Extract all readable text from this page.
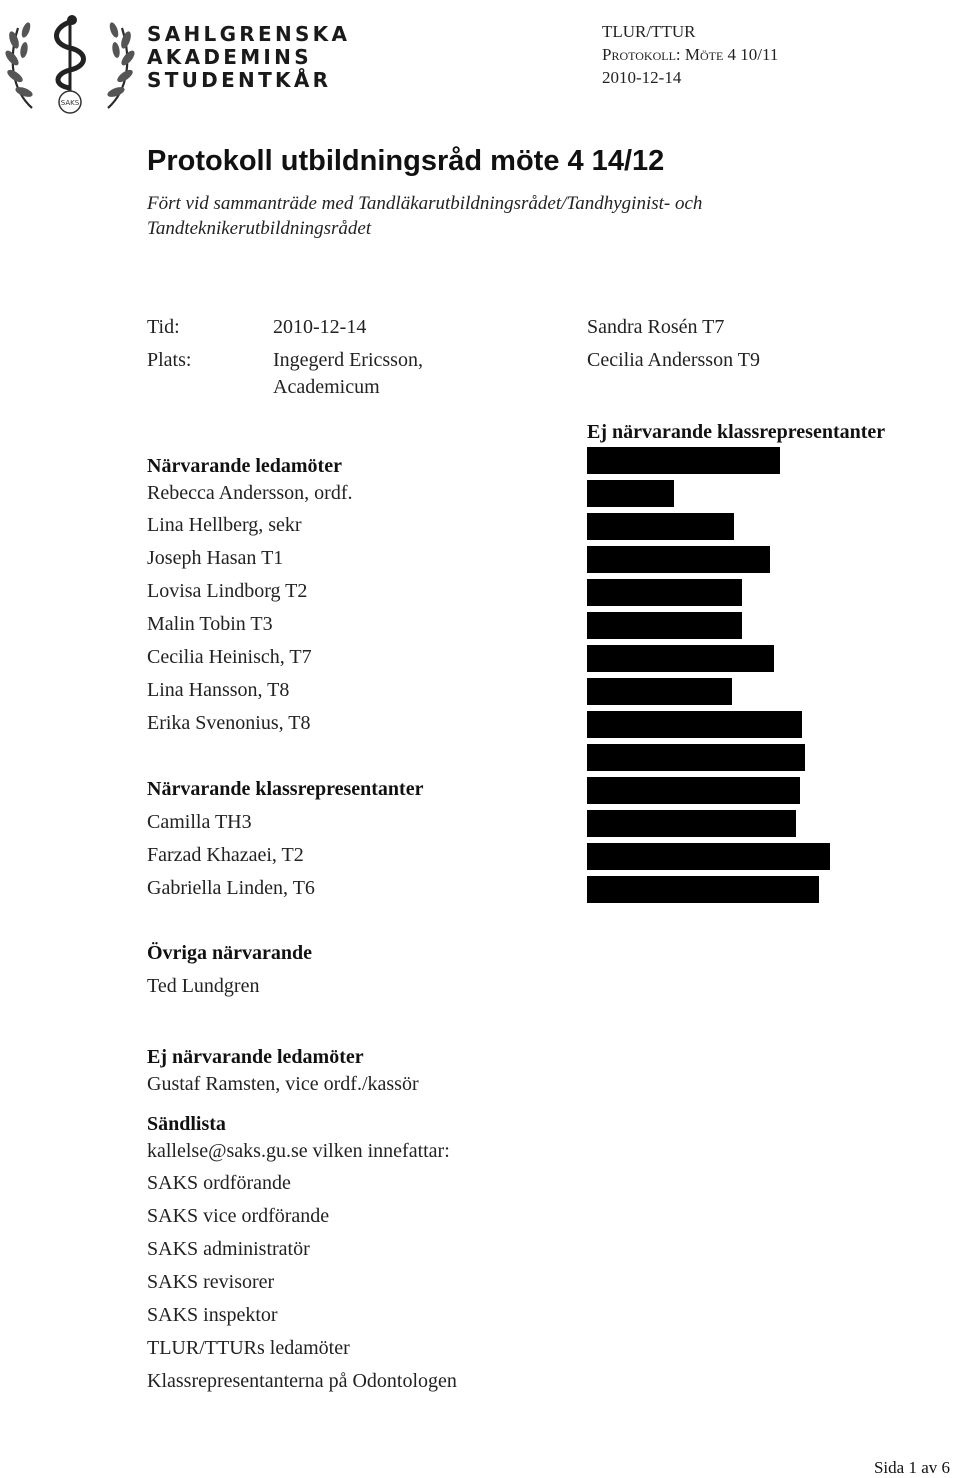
SAKS
SAHLGRENSKA
AKADEMINS
STUDENTKÅR
TLUR/TTUR
Protokoll: Möte 4 10/11
2010-12-14
Protokoll utbildningsråd möte 4 14/12
Fört vid sammanträde med Tandläkarutbildningsrådet/Tandhyginist- och Tandteknikerutbildningsrådet
Tid:	2010-12-14
Plats:	Ingegerd Ericsson,
Academicum
Sandra Rosén T7
Cecilia Andersson T9
Ej närvarande klassrepresentanter
Närvarande ledamöter
Rebecca Andersson, ordf.
Lina Hellberg, sekr
Joseph Hasan T1
Lovisa Lindborg T2
Malin Tobin T3
Cecilia Heinisch, T7
Lina Hansson, T8
Erika Svenonius, T8
Närvarande klassrepresentanter
Camilla TH3
Farzad Khazaei, T2
Gabriella Linden, T6
Övriga närvarande
Ted Lundgren
Ej närvarande ledamöter
Gustaf Ramsten, vice ordf./kassör
Sändlista
kallelse@saks.gu.se vilken innefattar:
SAKS ordförande
SAKS vice ordförande
SAKS administratör
SAKS revisorer
SAKS inspektor
TLUR/TTURs ledamöter
Klassrepresentanterna på Odontologen
Sida 1 av 6
